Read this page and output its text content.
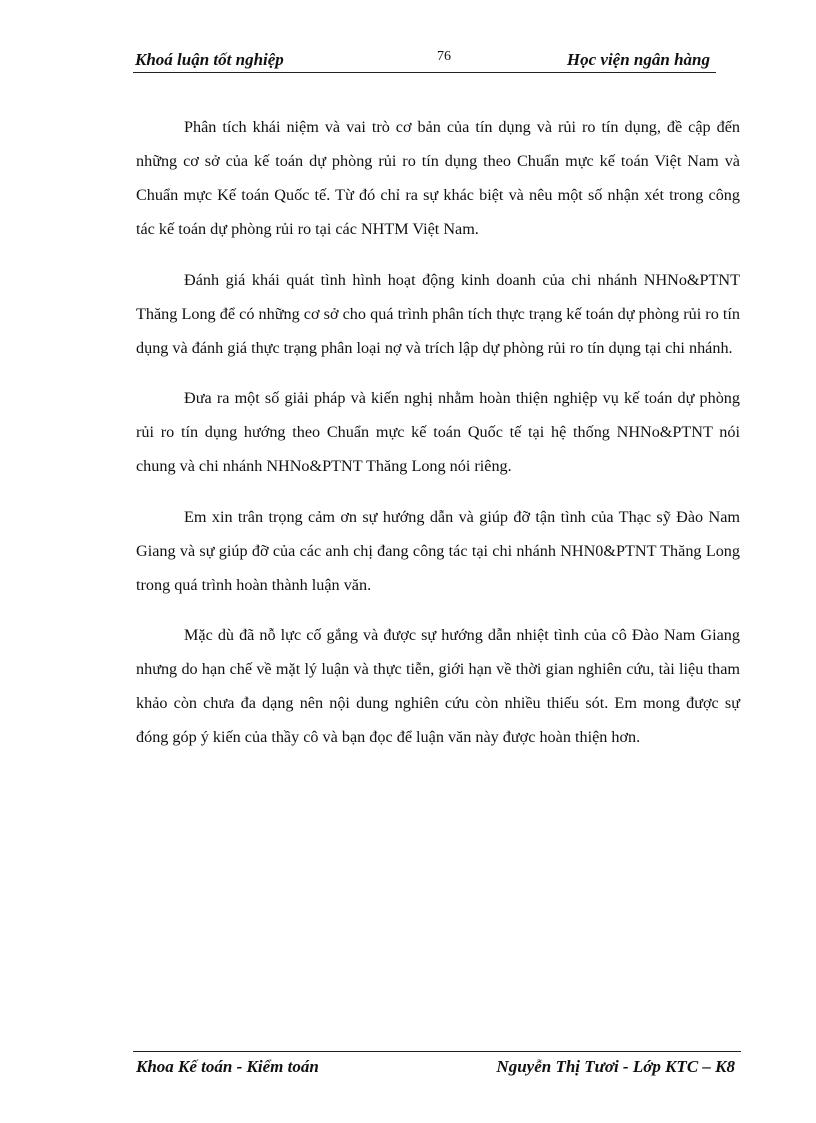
Khoá luận tốt nghiệp	76	Học viện ngân hàng

Phân tích khái niệm và vai trò cơ bản của tín dụng và rủi ro tín dụng, đề cập đến những cơ sở của kế toán dự phòng rủi ro tín dụng theo Chuẩn mực kế toán Việt Nam và Chuẩn mực Kế toán Quốc tế. Từ đó chỉ ra sự khác biệt và nêu một số nhận xét trong công tác kế toán dự phòng rủi ro tại các NHTM Việt Nam.

Đánh giá khái quát tình hình hoạt động kinh doanh của chi nhánh NHNo&PTNT Thăng Long để có những cơ sở cho quá trình phân tích thực trạng kế toán dự phòng rủi ro tín dụng và đánh giá thực trạng phân loại nợ và trích lập dự phòng rủi ro tín dụng tại chi nhánh.

Đưa ra một số giải pháp và kiến nghị nhằm hoàn thiện nghiệp vụ kế toán dự phòng rủi ro tín dụng hướng theo Chuẩn mực kế toán Quốc tế tại hệ thống NHNo&PTNT nói chung và chi nhánh NHNo&PTNT Thăng Long nói riêng.

Em xin trân trọng cảm ơn sự hướng dẫn và giúp đỡ tận tình của Thạc sỹ Đào Nam Giang và sự giúp đỡ của các anh chị đang công tác tại chi nhánh NHN0&PTNT Thăng Long trong quá trình hoàn thành luận văn.

Mặc dù đã nỗ lực cố gắng và được sự hướng dẫn nhiệt tình của cô Đào Nam Giang nhưng do hạn chế về mặt lý luận và thực tiễn, giới hạn về thời gian nghiên cứu, tài liệu tham khảo còn chưa đa dạng nên nội dung nghiên cứu còn nhiều thiếu sót. Em mong được sự đóng góp ý kiến của thầy cô và bạn đọc để luận văn này được hoàn thiện hơn.

Khoa Kế toán - Kiểm toán	Nguyễn Thị Tươi - Lớp KTC – K8
